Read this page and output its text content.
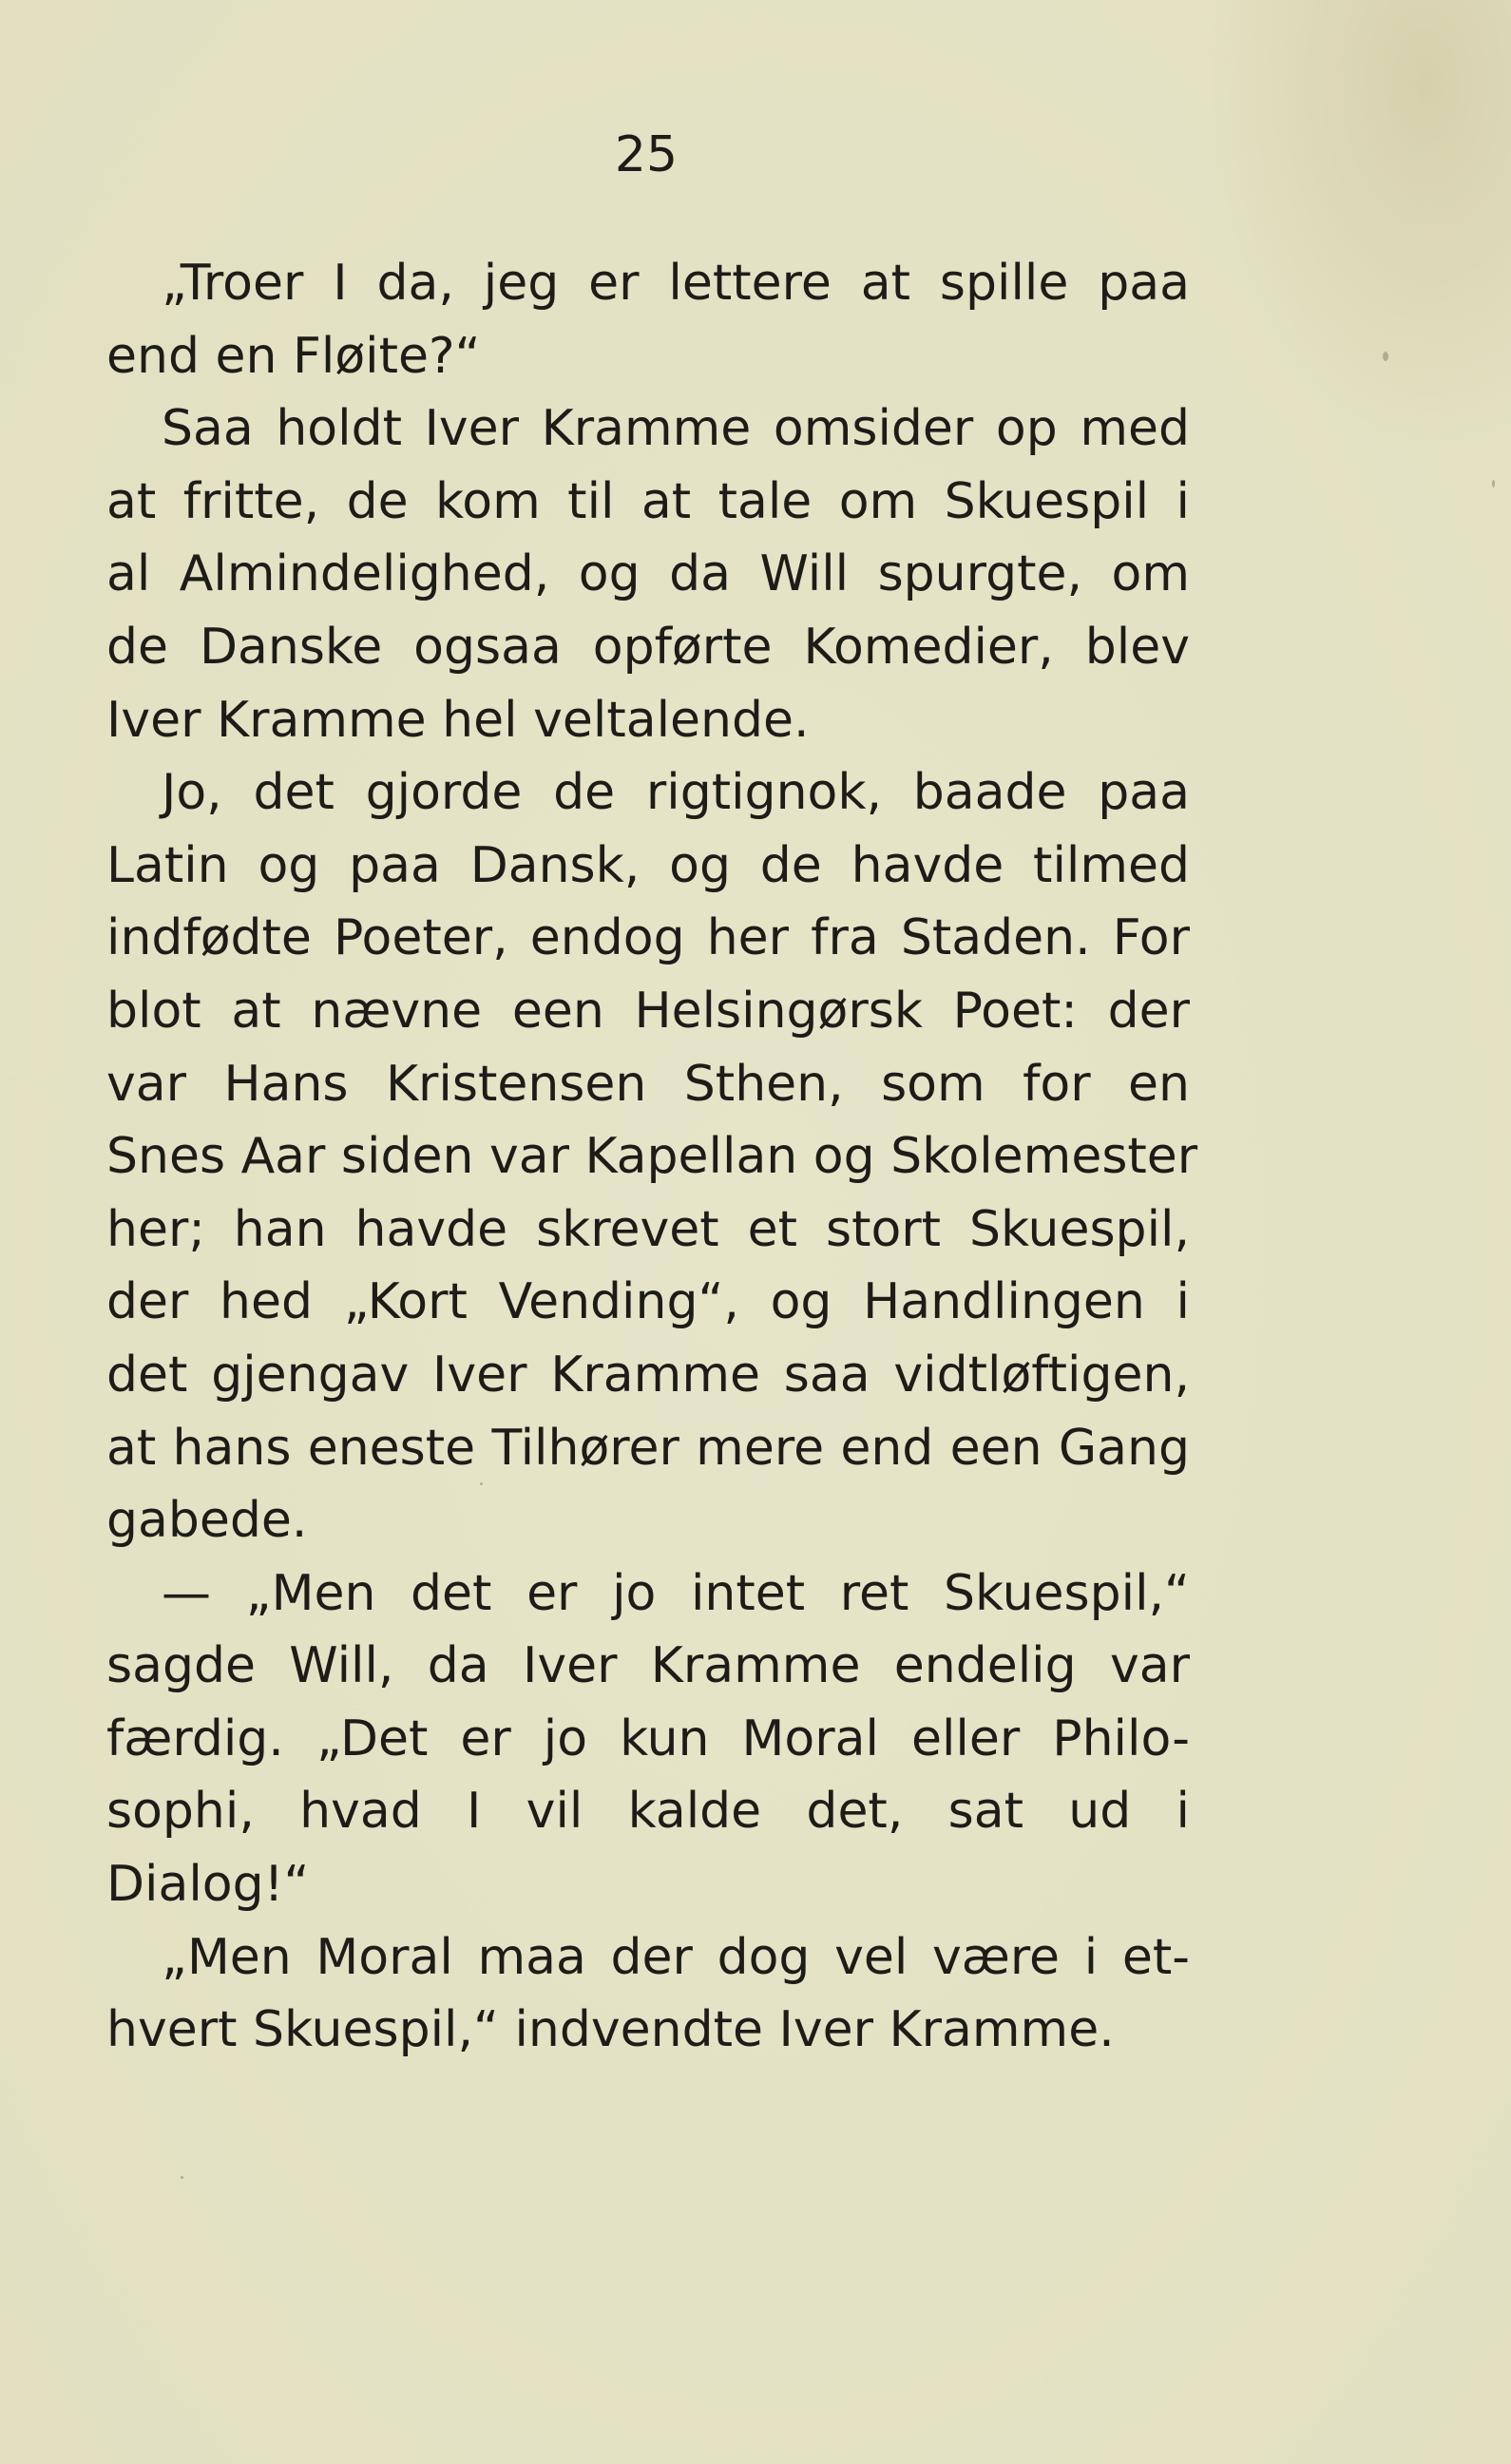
25
„Troer I da, jeg er lettere at spille paa
end en Fløite?“
Saa holdt Iver Kramme omsider op med
at fritte, de kom til at tale om Skuespil i
al Almindelighed, og da Will spurgte, om
de Danske ogsaa opførte Komedier, blev
Iver Kramme hel veltalende.
Jo, det gjorde de rigtignok, baade paa
Latin og paa Dansk, og de havde tilmed
indfødte Poeter, endog her fra Staden. For
blot at nævne een Helsingørsk Poet: der
var Hans Kristensen Sthen, som for en
Snes Aar siden var Kapellan og Skolemester
her; han havde skrevet et stort Skuespil,
der hed „Kort Vending“, og Handlingen i
det gjengav Iver Kramme saa vidtløftigen,
at hans eneste Tilhører mere end een Gang
gabede.
— „Men det er jo intet ret Skuespil,“
sagde Will, da Iver Kramme endelig var
færdig. „Det er jo kun Moral eller Philo-
sophi, hvad I vil kalde det, sat ud i
Dialog!“
„Men Moral maa der dog vel være i et-
hvert Skuespil,“ indvendte Iver Kramme.
